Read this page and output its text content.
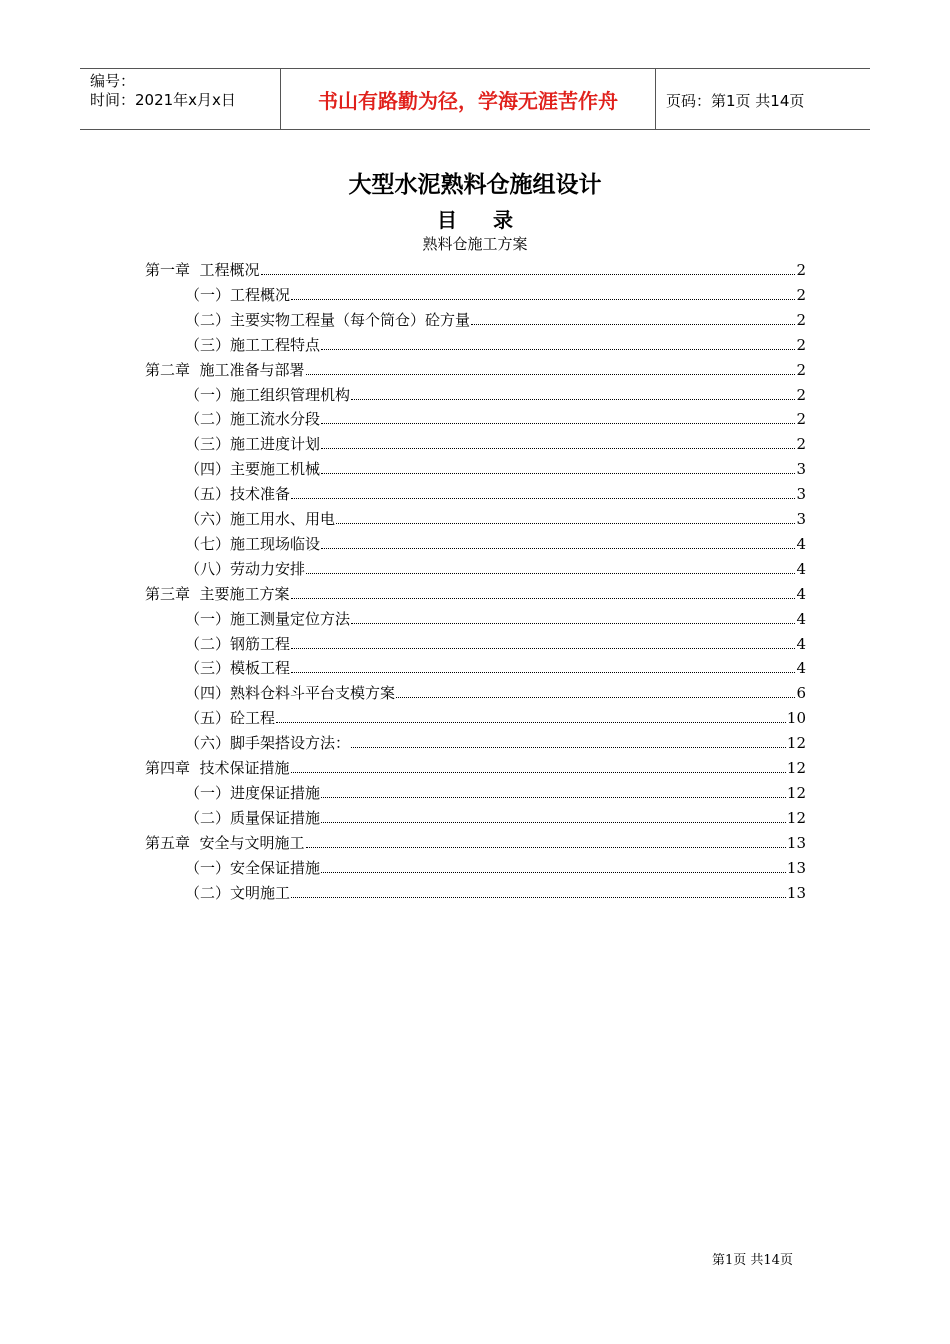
编号：
时间：2021年x月x日	书山有路勤为径，学海无涯苦作舟	页码：第1页 共14页
大型水泥熟料仓施组设计
目录
熟料仓施工方案
第一章  工程概况	2
（一）工程概况	2
（二）主要实物工程量（每个筒仓）砼方量	2
（三）施工工程特点	2
第二章  施工准备与部署	2
（一）施工组织管理机构	2
（二）施工流水分段	2
（三）施工进度计划	2
（四）主要施工机械	3
（五）技术准备	3
（六）施工用水、用电	3
（七）施工现场临设	4
（八）劳动力安排	4
第三章  主要施工方案	4
（一）施工测量定位方法	4
（二）钢筋工程	4
（三）模板工程	4
（四）熟料仓料斗平台支模方案	6
（五）砼工程	10
（六）脚手架搭设方法：	12
第四章  技术保证措施	12
（一）进度保证措施	12
（二）质量保证措施	12
第五章  安全与文明施工	13
（一）安全保证措施	13
（二）文明施工	13
第1页 共14页
